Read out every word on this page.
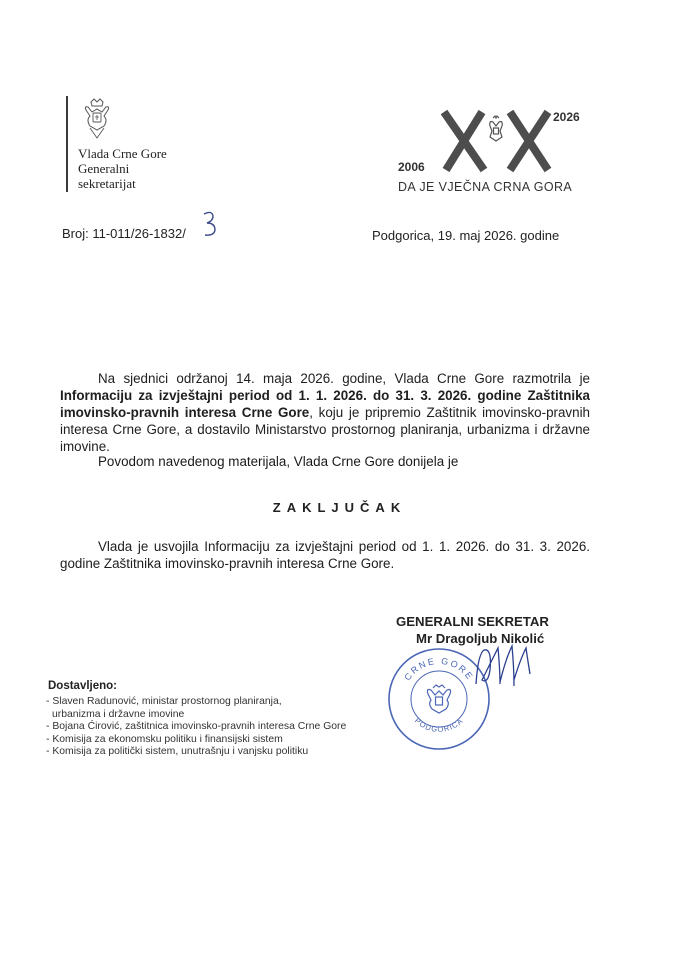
Vlada Crne Gore
Generalni
sekretarijat
2026
2006
DA JE VJEČNA CRNA GORA
Broj: 11-011/26-1832/	Podgorica, 19. maj 2026. godine
Na sjednici održanoj 14. maja 2026. godine, Vlada Crne Gore razmotrila je Informaciju za izvještajni period od 1. 1. 2026. do 31. 3. 2026. godine Zaštitnika imovinsko-pravnih interesa Crne Gore, koju je pripremio Zaštitnik imovinsko-pravnih interesa Crne Gore, a dostavilo Ministarstvo prostornog planiranja, urbanizma i državne imovine.
Povodom navedenog materijala, Vlada Crne Gore donijela je
ZAKLJUČAK
Vlada je usvojila Informaciju za izvještajni period od 1. 1. 2026. do 31. 3. 2026. godine Zaštitnika imovinsko-pravnih interesa Crne Gore.
GENERALNI SEKRETAR
Mr Dragoljub Nikolić
CRNE GORE
PODGORICA
Dostavljeno:
- Slaven Radunović, ministar prostornog planiranja,
urbanizma i državne imovine
- Bojana Ćirović, zaštitnica imovinsko-pravnih interesa Crne Gore
- Komisija za ekonomsku politiku i finansijski sistem
- Komisija za politički sistem, unutrašnju i vanjsku politiku
